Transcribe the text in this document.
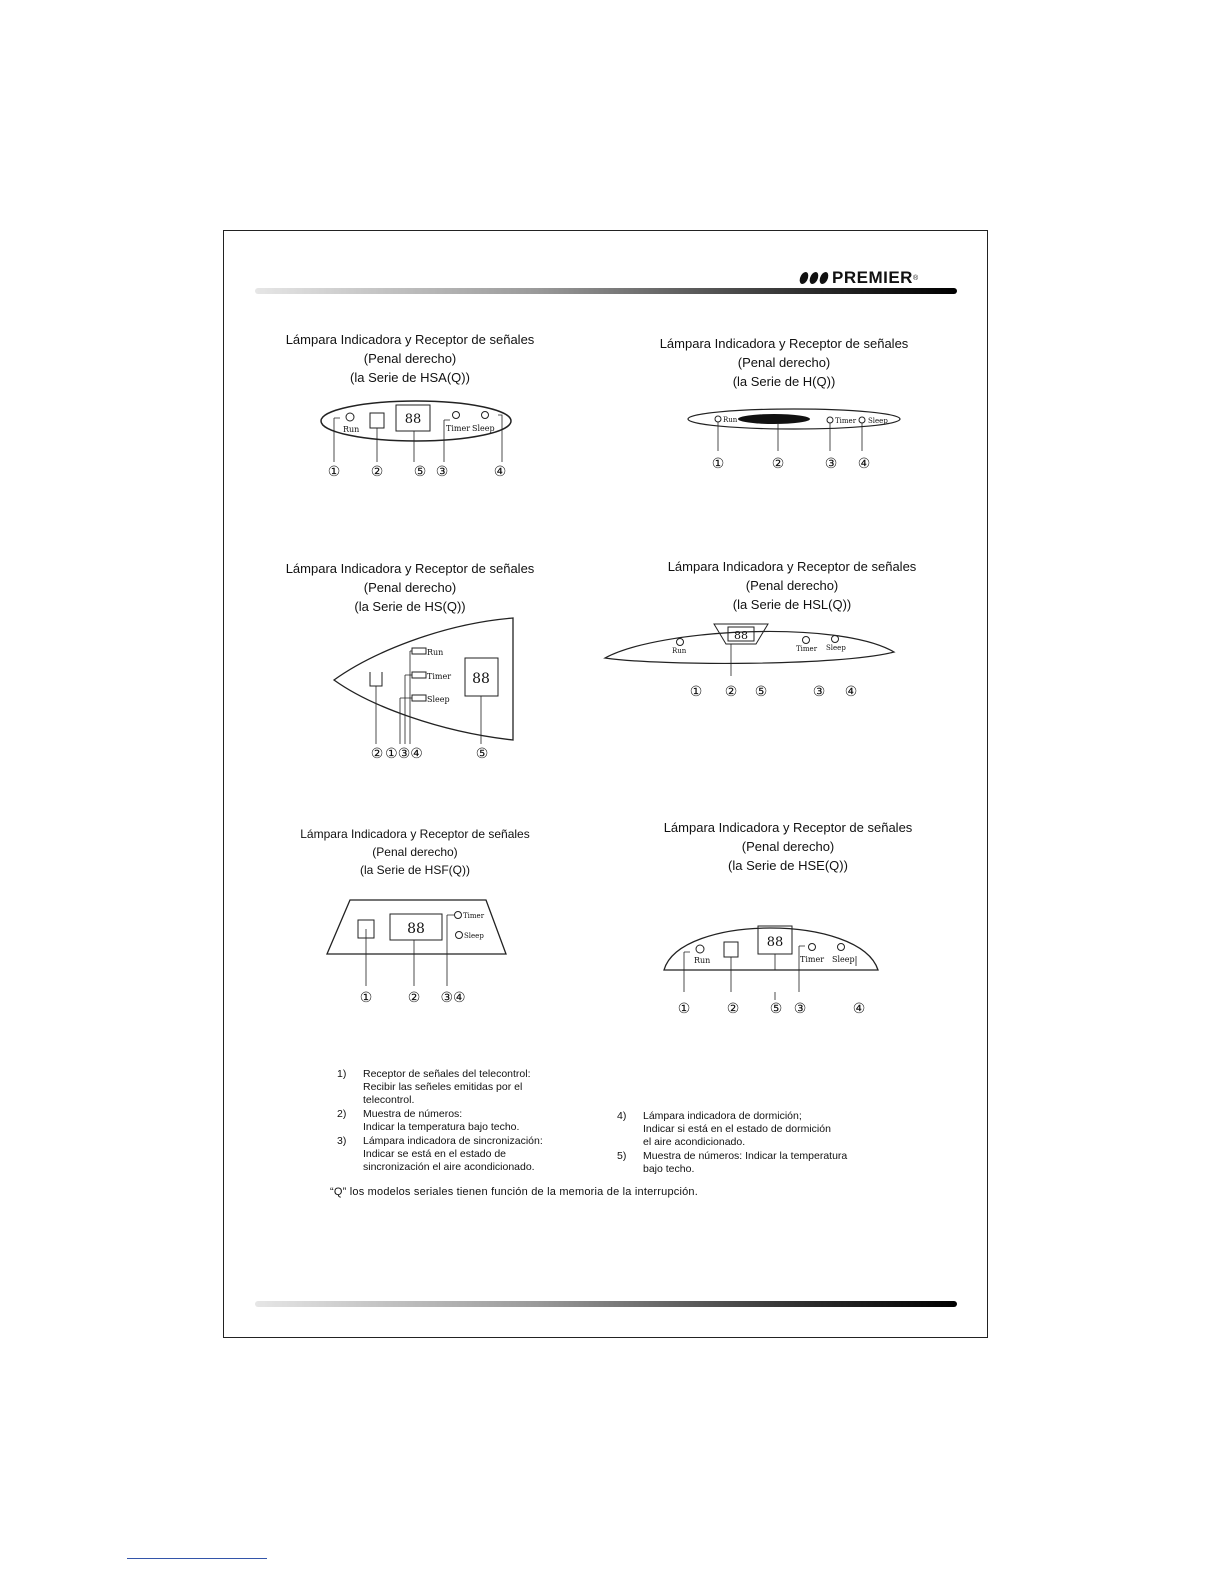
PREMIER ®
Lámpara Indicadora y Receptor de señales
(Penal derecho)
(la Serie de HSA(Q))
Run
88
Timer Sleep
① ② ⑤ ③	④
Lámpara Indicadora y Receptor de señales
(Penal derecho)
(la Serie de H(Q))
Run	Timer Sleep
①	②	③ ④
Lámpara Indicadora y Receptor de señales
(Penal derecho)
(la Serie de HS(Q))
Run
Timer
Sleep
88
② ①③④	⑤
Lámpara Indicadora y Receptor de señales
(Penal derecho)
(la Serie de HSL(Q))
88
Run	Timer Sleep
① ② ⑤	③ ④
Lámpara Indicadora y Receptor de señales
(Penal derecho)
(la Serie de HSF(Q))
88
Timer
Sleep
①	② ③④
Lámpara Indicadora y Receptor de señales
(Penal derecho)
(la Serie de HSE(Q))
Run
88
Timer Sleep
①	② ⑤ ③	④
1)	Receptor de señales del telecontrol:
Recibir las señeles emitidas por el
telecontrol.
2)	Muestra de números:
Indicar la temperatura bajo techo.
3)	Lámpara indicadora de sincronización:
Indicar se está en el estado de
sincronización el aire acondicionado.
4)	Lámpara indicadora de dormición;
Indicar si está en el estado de dormición
el aire acondicionado.
5)	Muestra de números: Indicar la temperatura
bajo techo.
“Q” los modelos seriales tienen función de la memoria de la interrupción.
